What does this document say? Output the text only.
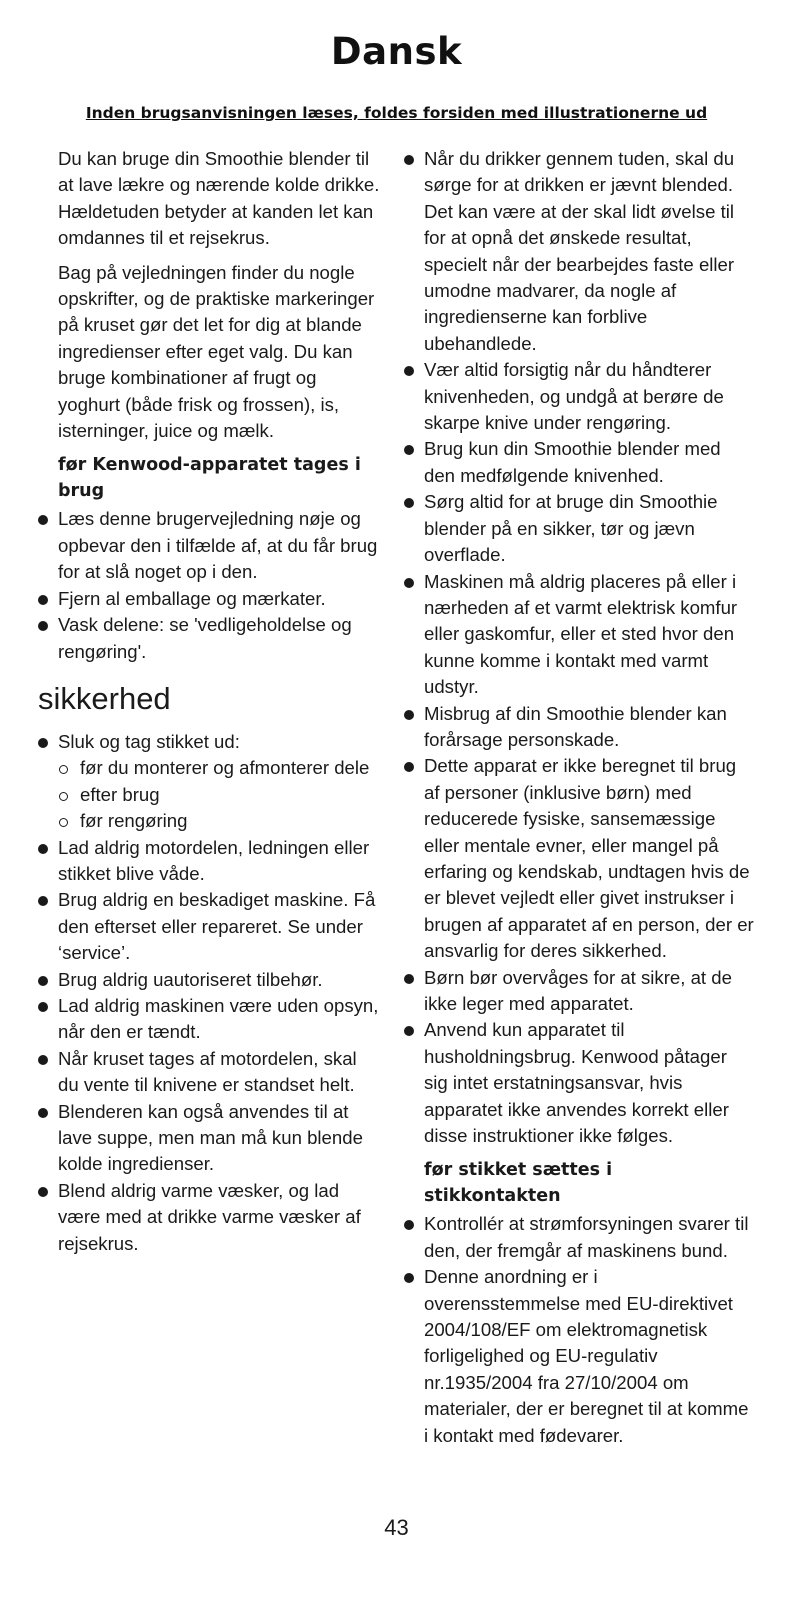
Dansk
Inden brugsanvisningen læses, foldes forsiden med illustrationerne ud

Du kan bruge din Smoothie blender til at lave lækre og nærende kolde drikke. Hældetuden betyder at kanden let kan omdannes til et rejsekrus.

Bag på vejledningen finder du nogle opskrifter, og de praktiske markeringer på kruset gør det let for dig at blande ingredienser efter eget valg. Du kan bruge kombinationer af frugt og yoghurt (både frisk og frossen), is, isterninger, juice og mælk.

før Kenwood-apparatet tages i brug
Læs denne brugervejledning nøje og opbevar den i tilfælde af, at du får brug for at slå noget op i den.
Fjern al emballage og mærkater.
Vask delene: se 'vedligeholdelse og rengøring'.
sikkerhed
Sluk og tag stikket ud:
før du monterer og afmonterer dele
efter brug
før rengøring
Lad aldrig motordelen, ledningen eller stikket blive våde.
Brug aldrig en beskadiget maskine. Få den efterset eller repareret. Se under ‘service’.
Brug aldrig uautoriseret tilbehør.
Lad aldrig maskinen være uden opsyn, når den er tændt.
Når kruset tages af motordelen, skal du vente til knivene er standset helt.
Blenderen kan også anvendes til at lave suppe, men man må kun blende kolde ingredienser.
Blend aldrig varme væsker, og lad være med at drikke varme væsker af rejsekrus.
Når du drikker gennem tuden, skal du sørge for at drikken er jævnt blended. Det kan være at der skal lidt øvelse til for at opnå det ønskede resultat, specielt når der bearbejdes faste eller umodne madvarer, da nogle af ingredienserne kan forblive ubehandlede.
Vær altid forsigtig når du håndterer knivenheden, og undgå at berøre de skarpe knive under rengøring.
Brug kun din Smoothie blender med den medfølgende knivenhed.
Sørg altid for at bruge din Smoothie blender på en sikker, tør og jævn overflade.
Maskinen må aldrig placeres på eller i nærheden af et varmt elektrisk komfur eller gaskomfur, eller et sted hvor den kunne komme i kontakt med varmt udstyr.
Misbrug af din Smoothie blender kan forårsage personskade.
Dette apparat er ikke beregnet til brug af personer (inklusive børn) med reducerede fysiske, sansemæssige eller mentale evner, eller mangel på erfaring og kendskab, undtagen hvis de er blevet vejledt eller givet instrukser i brugen af apparatet af en person, der er ansvarlig for deres sikkerhed.
Børn bør overvåges for at sikre, at de ikke leger med apparatet.
Anvend kun apparatet til husholdningsbrug. Kenwood påtager sig intet erstatningsansvar, hvis apparatet ikke anvendes korrekt eller disse instruktioner ikke følges.
før stikket sættes i stikkontakten
Kontrollér at strømforsyningen svarer til den, der fremgår af maskinens bund.
Denne anordning er i overensstemmelse med EU-direktivet 2004/108/EF om elektromagnetisk forligelighed og EU-regulativ nr.1935/2004 fra 27/10/2004 om materialer, der er beregnet til at komme i kontakt med fødevarer.
43
